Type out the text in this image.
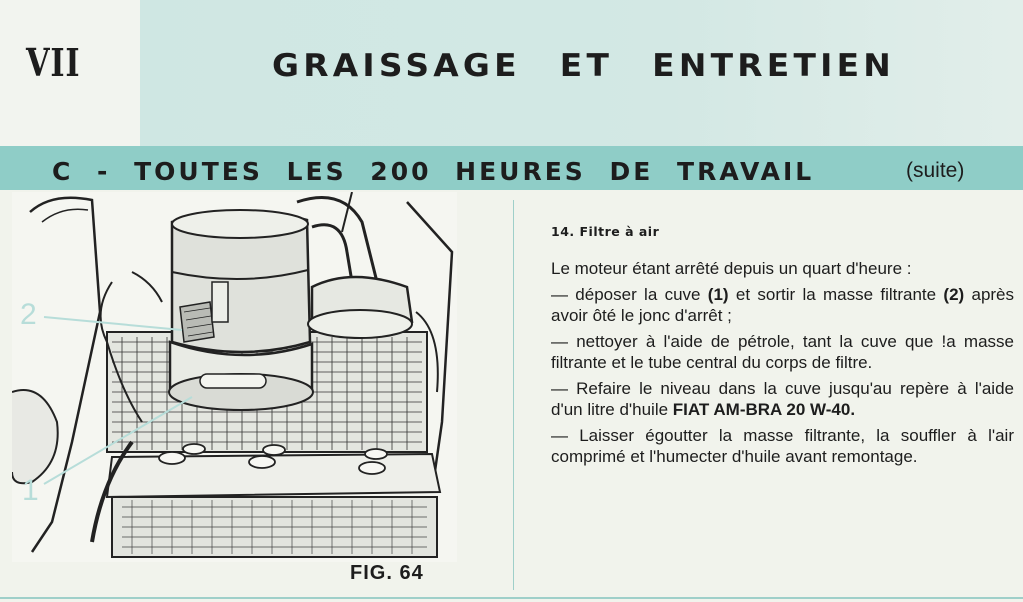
VII	GRAISSAGE ET ENTRETIEN
C - TOUTES LES 200 HEURES DE TRAVAIL	(suite)
2
1
FIG. 64
14. Filtre à air

Le moteur étant arrêté depuis un quart d'heure :

— déposer la cuve (1) et sortir la masse filtrante (2) après avoir ôté le jonc d'arrêt ;

— nettoyer à l'aide de pétrole, tant la cuve que !a masse filtrante et le tube central du corps de filtre.

— Refaire le niveau dans la cuve jusqu'au repère à l'aide d'un litre d'huile FIAT AM-BRA 20 W-40.

— Laisser égoutter la masse filtrante, la souffler à l'air comprimé et l'humecter d'huile avant remontage.
